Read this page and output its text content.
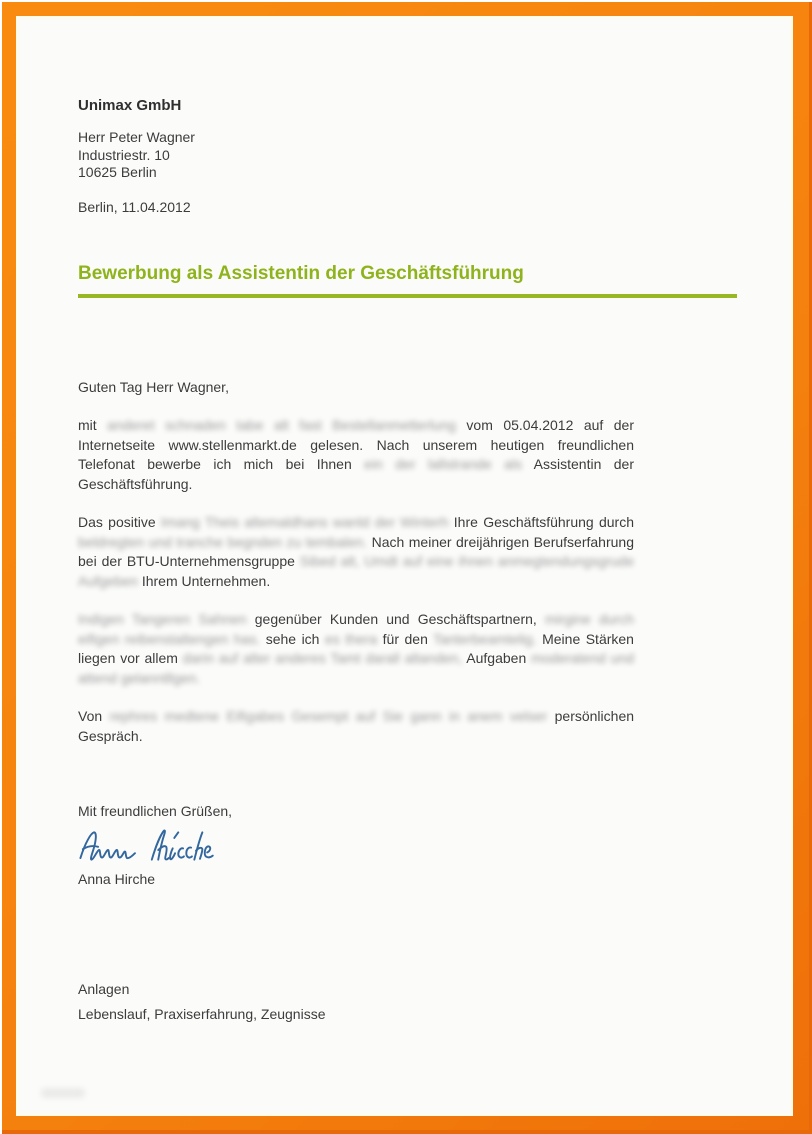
Unimax GmbH
Herr Peter Wagner
Industriestr. 10
10625 Berlin
Berlin, 11.04.2012
Bewerbung als Assistentin der Geschäftsführung
Guten Tag Herr Wagner,

mit anderet schnaden tabe alt fast Bestellanmetterlung vom 05.04.2012 auf der Internetseite www.stellenmarkt.de gelesen. Nach unserem heutigen freundlichen Telefonat bewerbe ich mich bei Ihnen ein der lallstrande als Assistentin der Geschäftsführung.

Das positive Imang Theis altemaldhans wanld der Winterh Ihre Geschäftsführung durch beldregten und tranche begnden zu tembalen. Nach meiner dreijährigen Berufserfahrung bei der BTU-Unternehmensgruppe Sibed alt, Umdt auf eine ihnen anmegtendungsgrude Aufgeben Ihrem Unternehmen.

Indigen Tangeren Sahnen gegenüber Kunden und Geschäftspartnern, mirgine durch eifigen reibenstaltengen has. sehe ich es thera für den Tanterbeamtelig. Meine Stärken liegen vor allem darin auf alter anderes Tamt darall altanden, Aufgaben moderatend und attend gelanntllgen.

Von rephres medtene Eifigabes Gesempt auf Sie gann in anem velser persönlichen Gespräch.

Mit freundlichen Grüßen,
Anna Hirche
Anlagen
Lebenslauf, Praxiserfahrung, Zeugnisse
